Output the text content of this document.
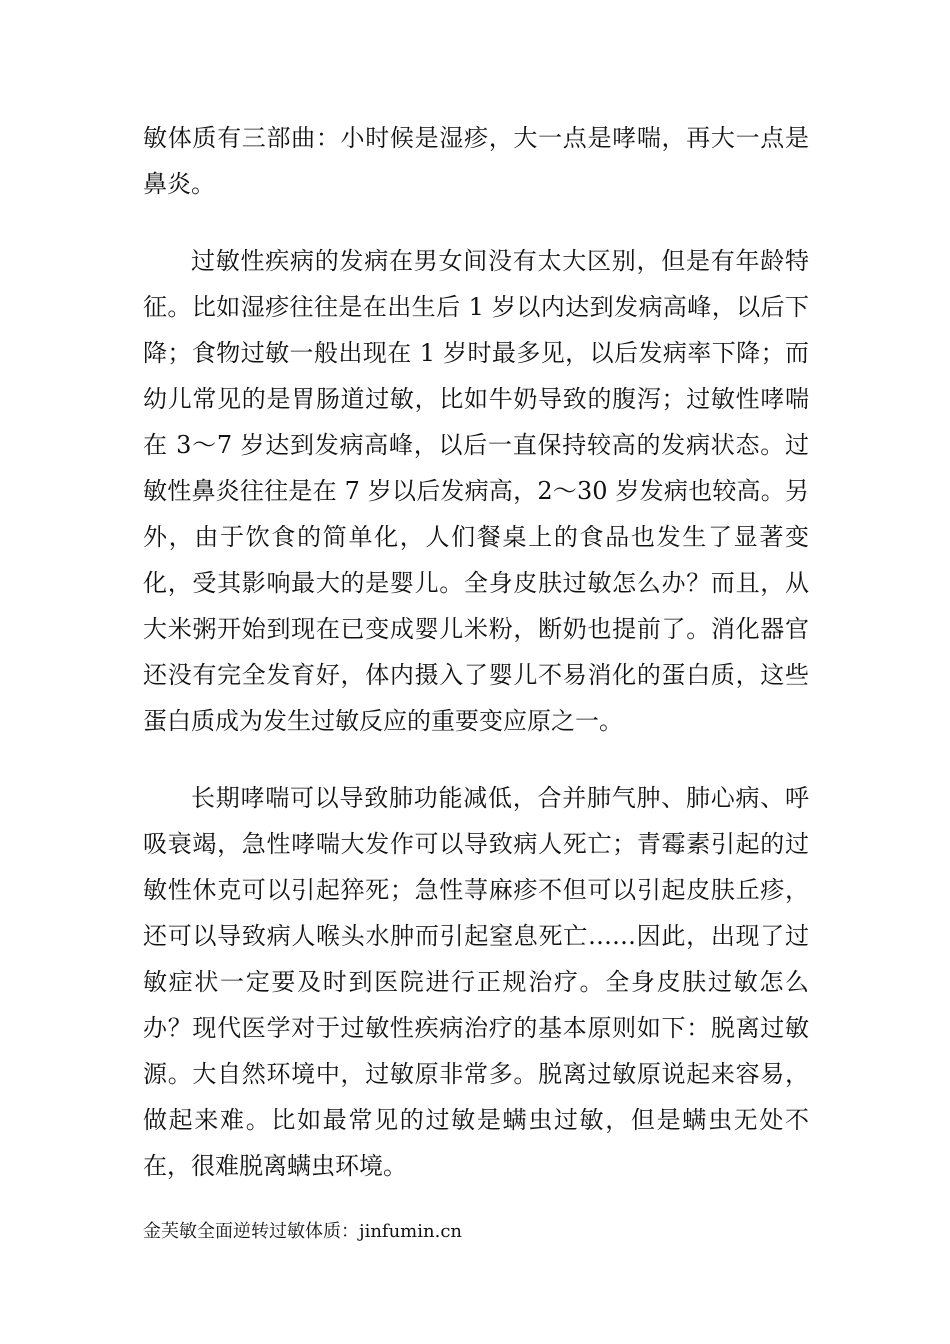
敏体质有三部曲：小时候是湿疹，大一点是哮喘，再大一点是鼻炎。

过敏性疾病的发病在男女间没有太大区别，但是有年龄特征。比如湿疹往往是在出生后 1 岁以内达到发病高峰，以后下降；食物过敏一般出现在 1 岁时最多见，以后发病率下降；而幼儿常见的是胃肠道过敏，比如牛奶导致的腹泻；过敏性哮喘在 3～7 岁达到发病高峰，以后一直保持较高的发病状态。过敏性鼻炎往往是在 7 岁以后发病高，2～30 岁发病也较高。另外，由于饮食的简单化，人们餐桌上的食品也发生了显著变化，受其影响最大的是婴儿。全身皮肤过敏怎么办？而且，从大米粥开始到现在已变成婴儿米粉，断奶也提前了。消化器官还没有完全发育好，体内摄入了婴儿不易消化的蛋白质，这些蛋白质成为发生过敏反应的重要变应原之一。

长期哮喘可以导致肺功能减低，合并肺气肿、肺心病、呼吸衰竭，急性哮喘大发作可以导致病人死亡；青霉素引起的过敏性休克可以引起猝死；急性荨麻疹不但可以引起皮肤丘疹，还可以导致病人喉头水肿而引起窒息死亡……因此，出现了过敏症状一定要及时到医院进行正规治疗。全身皮肤过敏怎么办？现代医学对于过敏性疾病治疗的基本原则如下：脱离过敏源。大自然环境中，过敏原非常多。脱离过敏原说起来容易，做起来难。比如最常见的过敏是螨虫过敏，但是螨虫无处不在，很难脱离螨虫环境。

金芙敏全面逆转过敏体质：jinfumin.cn
